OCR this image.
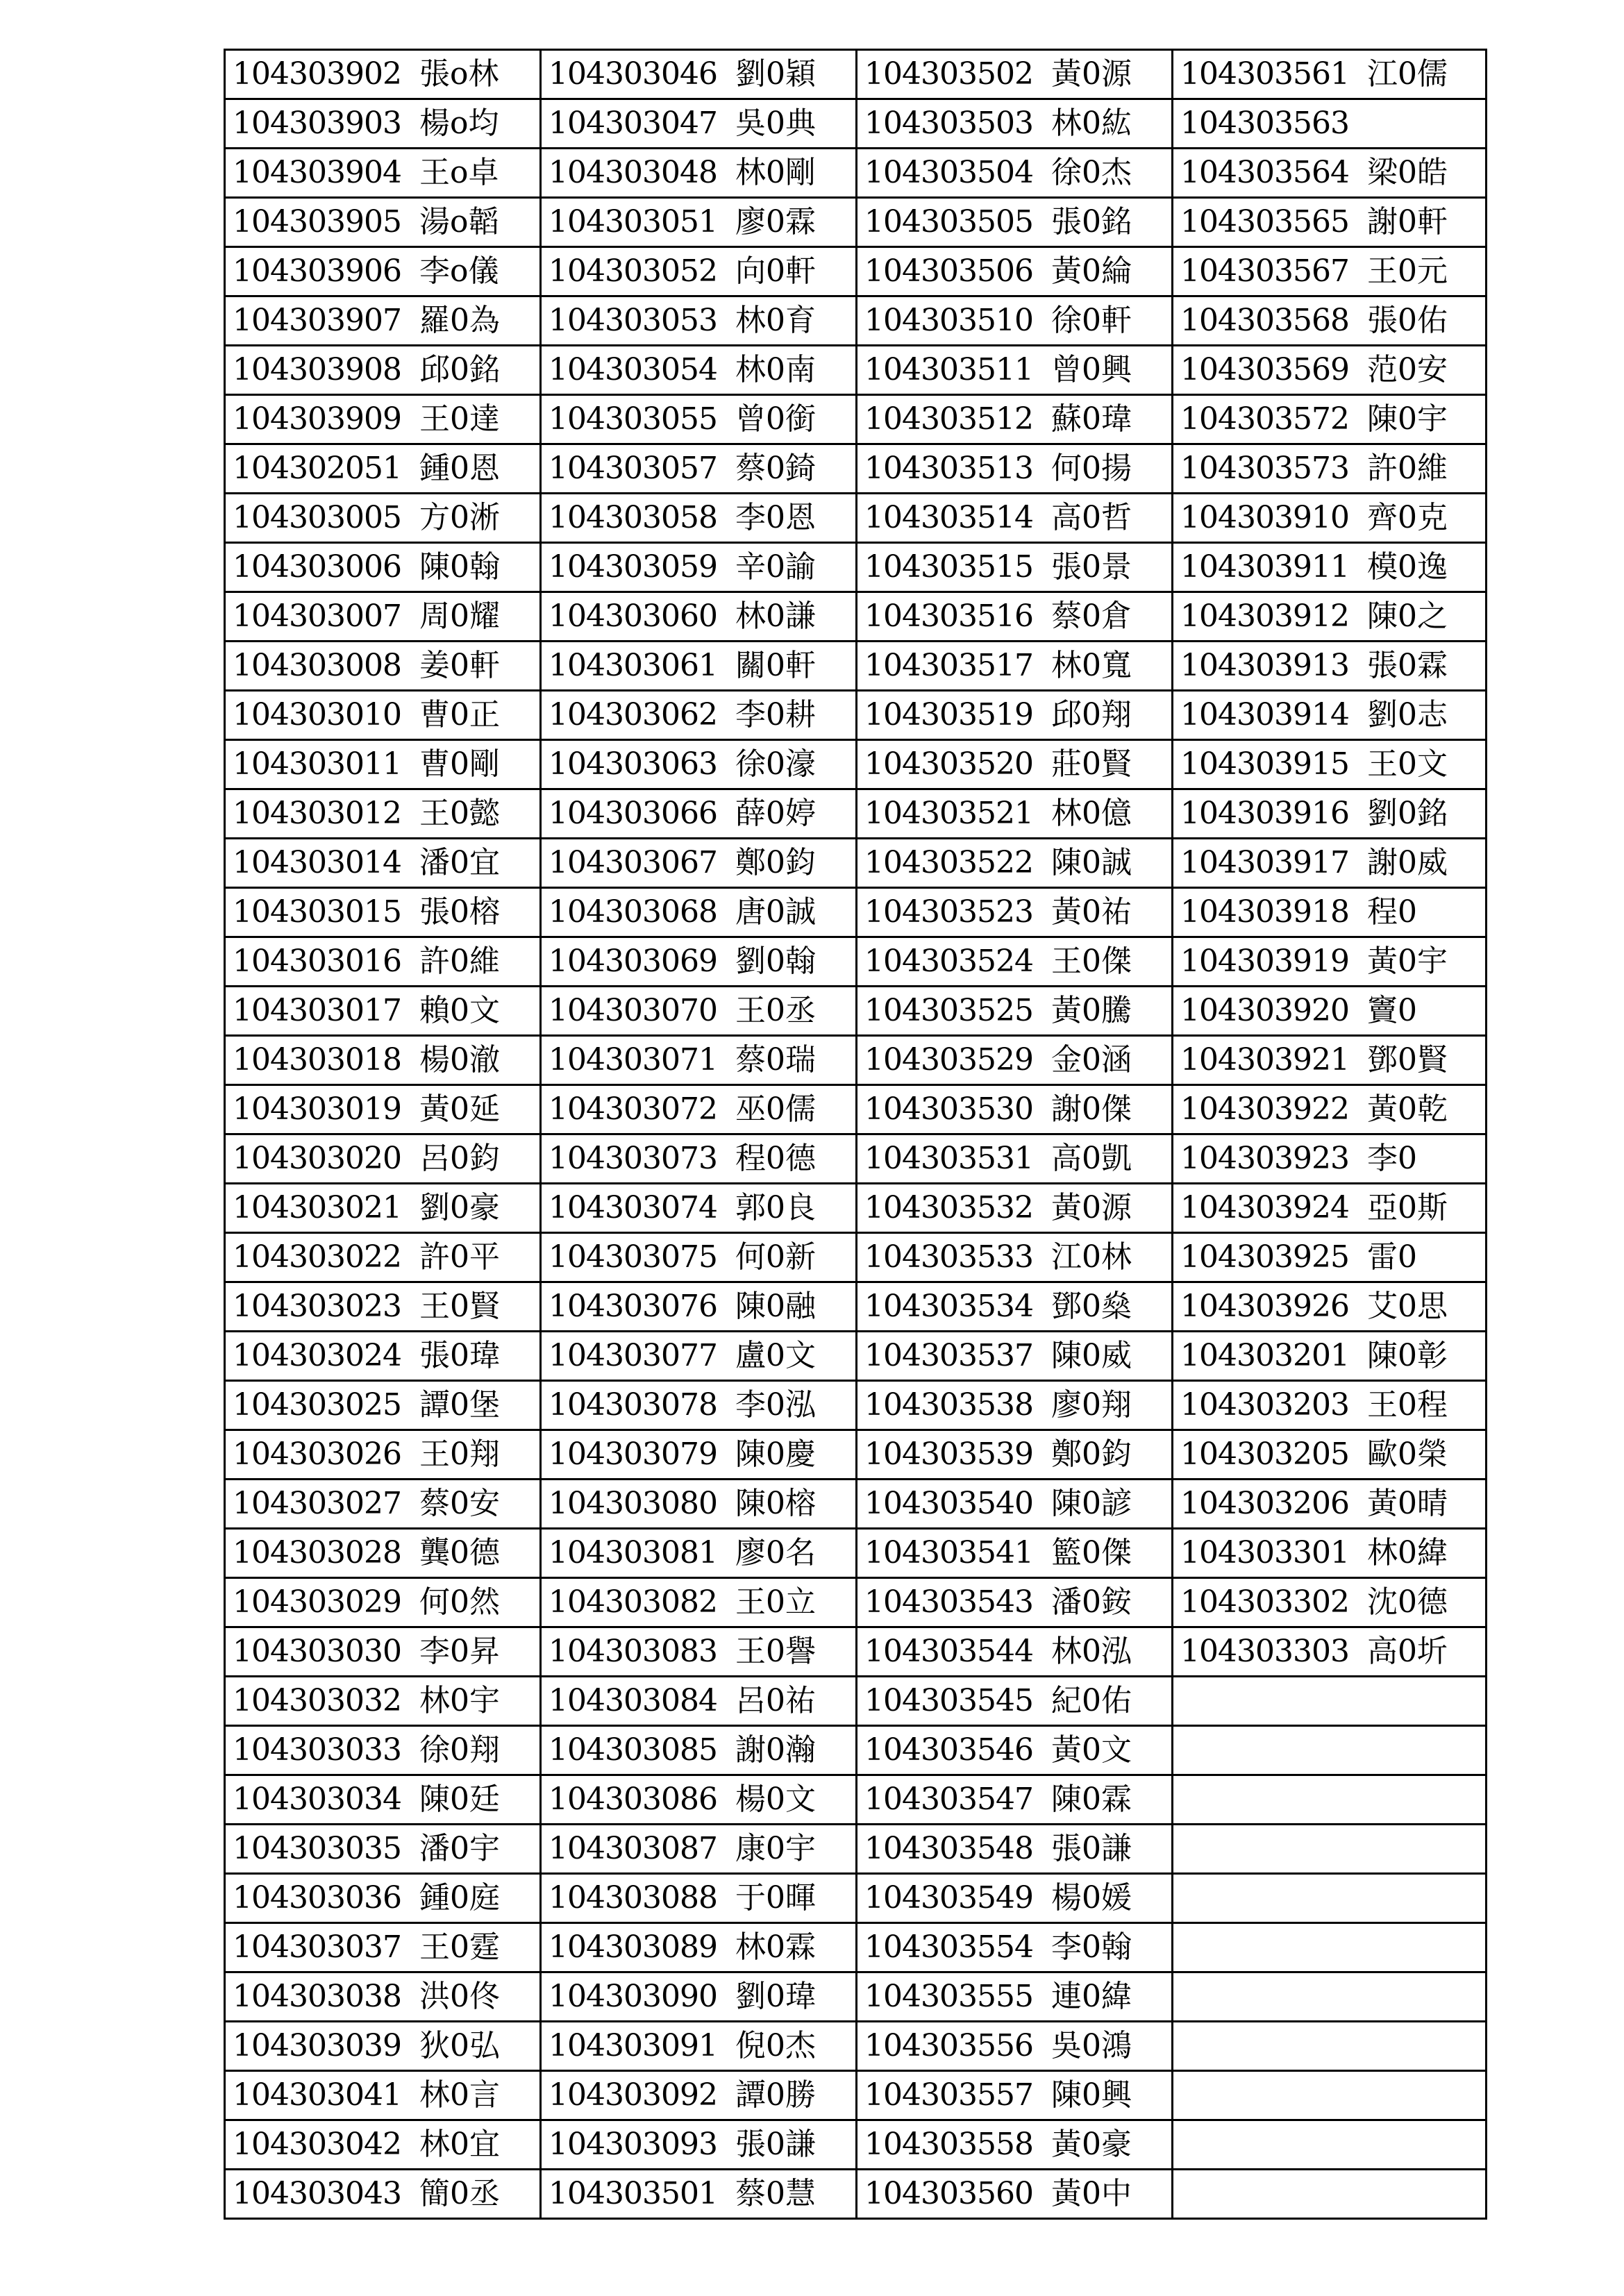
104303902 張o林	104303046 劉0穎	104303502 黃0源	104303561 江0儒
104303903 楊o均	104303047 吳0典	104303503 林0紘	104303563
104303904 王o卓	104303048 林0剛	104303504 徐0杰	104303564 梁0皓
104303905 湯o韜	104303051 廖0霖	104303505 張0銘	104303565 謝0軒
104303906 李o儀	104303052 向0軒	104303506 黃0綸	104303567 王0元
104303907 羅0為	104303053 林0育	104303510 徐0軒	104303568 張0佑
104303908 邱0銘	104303054 林0南	104303511 曾0興	104303569 范0安
104303909 王0達	104303055 曾0銜	104303512 蘇0瑋	104303572 陳0宇
104302051 鍾0恩	104303057 蔡0錡	104303513 何0揚	104303573 許0維
104303005 方0淅	104303058 李0恩	104303514 高0哲	104303910 齊0克
104303006 陳0翰	104303059 辛0諭	104303515 張0景	104303911 模0逸
104303007 周0耀	104303060 林0謙	104303516 蔡0倉	104303912 陳0之
104303008 姜0軒	104303061 關0軒	104303517 林0寬	104303913 張0霖
104303010 曹0正	104303062 李0耕	104303519 邱0翔	104303914 劉0志
104303011 曹0剛	104303063 徐0濠	104303520 莊0賢	104303915 王0文
104303012 王0懿	104303066 薛0婷	104303521 林0億	104303916 劉0銘
104303014 潘0宜	104303067 鄭0鈞	104303522 陳0誠	104303917 謝0威
104303015 張0榕	104303068 唐0誠	104303523 黃0祐	104303918 程0
104303016 許0維	104303069 劉0翰	104303524 王0傑	104303919 黃0宇
104303017 賴0文	104303070 王0丞	104303525 黃0騰	104303920 竇0
104303018 楊0澈	104303071 蔡0瑞	104303529 金0涵	104303921 鄧0賢
104303019 黃0延	104303072 巫0儒	104303530 謝0傑	104303922 黃0乾
104303020 呂0鈞	104303073 程0德	104303531 高0凱	104303923 李0
104303021 劉0豪	104303074 郭0良	104303532 黃0源	104303924 亞0斯
104303022 許0平	104303075 何0新	104303533 江0林	104303925 雷0
104303023 王0賢	104303076 陳0融	104303534 鄧0燊	104303926 艾0思
104303024 張0瑋	104303077 盧0文	104303537 陳0威	104303201 陳0彰
104303025 譚0堡	104303078 李0泓	104303538 廖0翔	104303203 王0程
104303026 王0翔	104303079 陳0慶	104303539 鄭0鈞	104303205 歐0榮
104303027 蔡0安	104303080 陳0榕	104303540 陳0諺	104303206 黃0晴
104303028 龔0德	104303081 廖0名	104303541 籃0傑	104303301 林0緯
104303029 何0然	104303082 王0立	104303543 潘0銨	104303302 沈0德
104303030 李0昇	104303083 王0譽	104303544 林0泓	104303303 高0圻
104303032 林0宇	104303084 呂0祐	104303545 紀0佑	
104303033 徐0翔	104303085 謝0瀚	104303546 黃0文	
104303034 陳0廷	104303086 楊0文	104303547 陳0霖	
104303035 潘0宇	104303087 康0宇	104303548 張0謙	
104303036 鍾0庭	104303088 于0暉	104303549 楊0媛	
104303037 王0霆	104303089 林0霖	104303554 李0翰	
104303038 洪0佟	104303090 劉0瑋	104303555 連0緯	
104303039 狄0弘	104303091 倪0杰	104303556 吳0鴻	
104303041 林0言	104303092 譚0勝	104303557 陳0興	
104303042 林0宜	104303093 張0謙	104303558 黃0豪	
104303043 簡0丞	104303501 蔡0慧	104303560 黃0中	
